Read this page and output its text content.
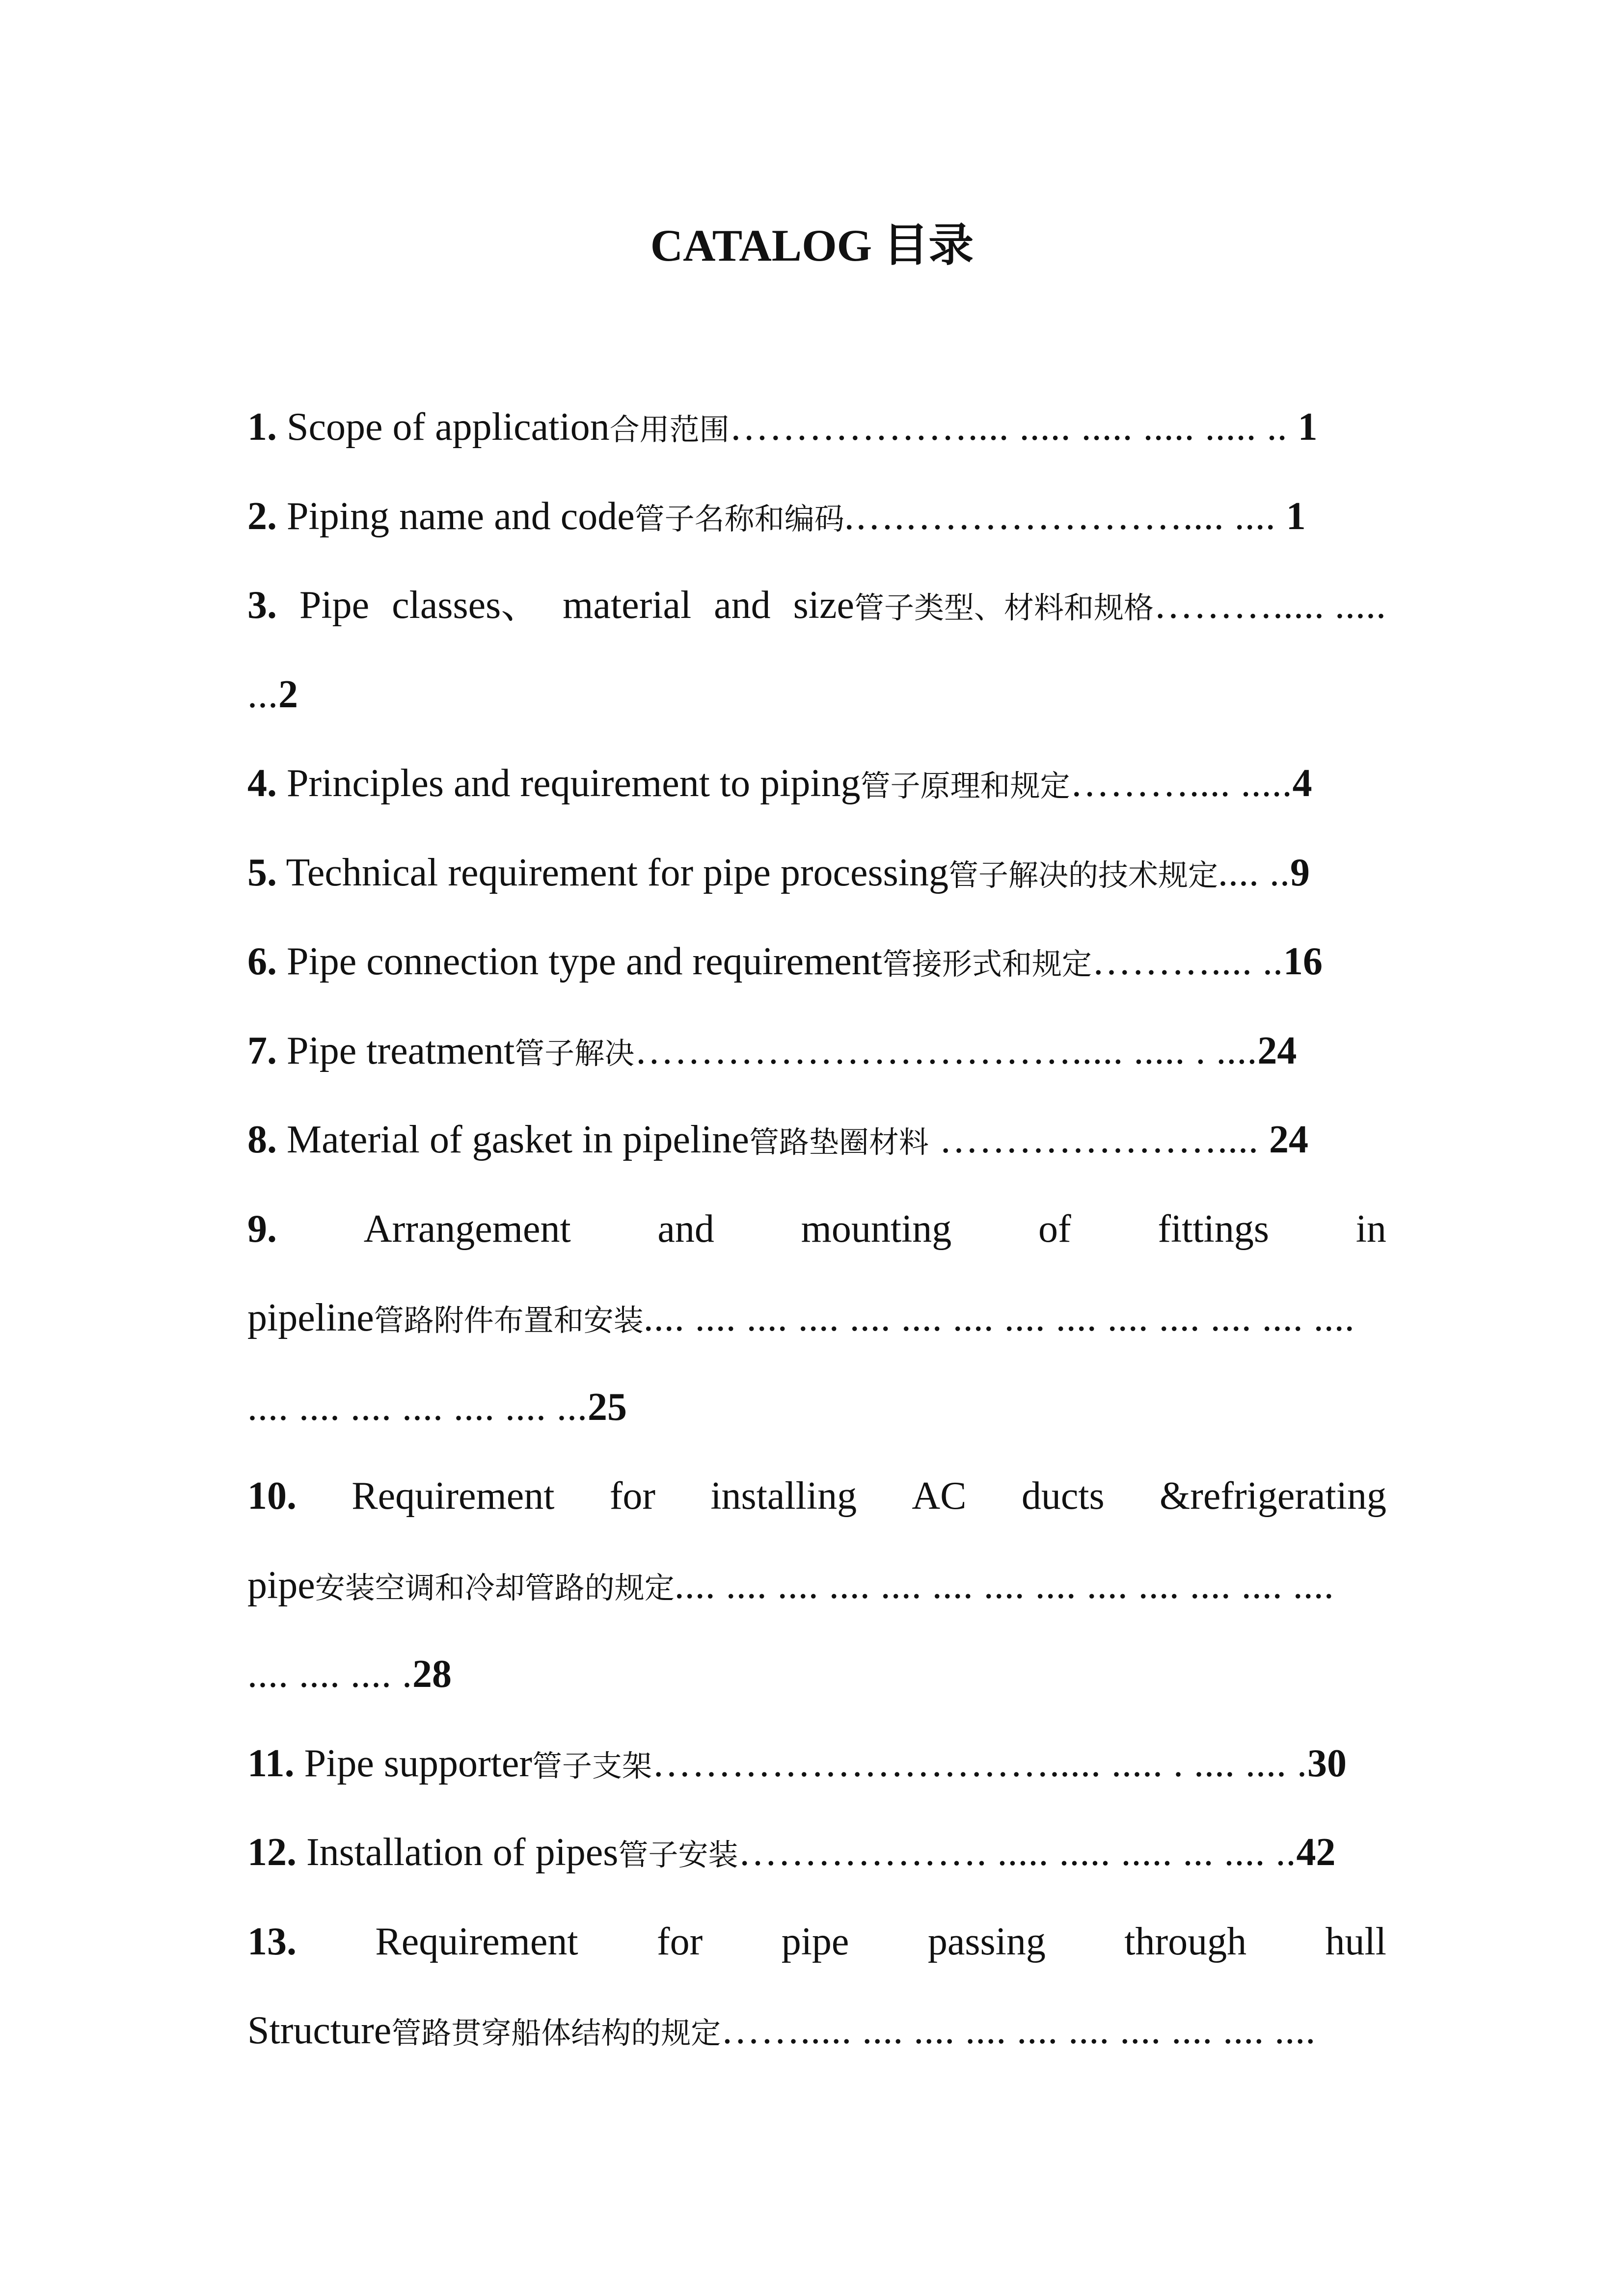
CATALOG 目录
1. Scope of application合用范围……………….... ..... ..... ..... ..... .. 1
2. Piping name and code管子名称和编码.….………………….... .... 1
3. Pipe classes、 material and size管子类型、材料和规格………..... .....
...2
4. Principles and requirement to piping管子原理和规定……….... .....4
5. Technical requirement for pipe processing管子解决的技术规定.... ..9
6. Pipe connection type and requirement管接形式和规定……….... ..16
7. Pipe treatment管子解决……………………………..... ..... . ....24
8. Material of gasket in pipeline管路垫圈材料 ………………….... 24
9. Arrangement and mounting of fittings in
pipeline管路附件布置和安装.... .... .... .... .... .... .... .... .... .... .... .... .... ....
.... .... .... .... .... .... ...25
10. Requirement for installing AC ducts &refrigerating
pipe安装空调和冷却管路的规定.... .... .... .... .... .... .... .... .... .... .... .... ....
.... .... .... .28
11. Pipe supporter管子支架…………………………..... ..... . .... .... .30
12. Installation of pipes管子安装………………. ..... ..... ..... ... .... ..42
13. Requirement for pipe passing through hull
Structure管路贯穿船体结构的规定……..... .... .... .... .... .... .... .... .... ....
